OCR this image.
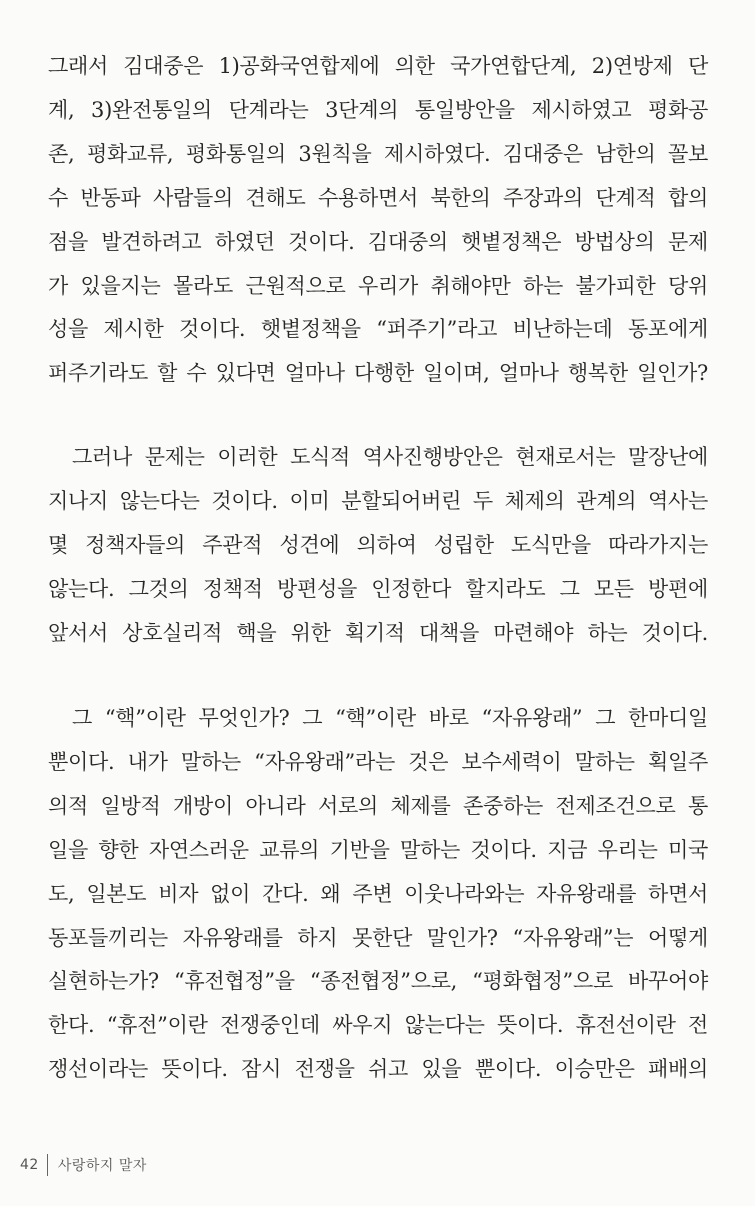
그래서 김대중은 1)공화국연합제에 의한 국가연합단계, 2)연방제 단
계, 3)완전통일의 단계라는 3단계의 통일방안을 제시하였고 평화공
존, 평화교류, 평화통일의 3원칙을 제시하였다. 김대중은 남한의 꼴보
수 반동파 사람들의 견해도 수용하면서 북한의 주장과의 단계적 합의
점을 발견하려고 하였던 것이다. 김대중의 햇볕정책은 방법상의 문제
가 있을지는 몰라도 근원적으로 우리가 취해야만 하는 불가피한 당위
성을 제시한 것이다. 햇볕정책을 “퍼주기”라고 비난하는데 동포에게
퍼주기라도 할 수 있다면 얼마나 다행한 일이며, 얼마나 행복한 일인가?

그러나 문제는 이러한 도식적 역사진행방안은 현재로서는 말장난에
지나지 않는다는 것이다. 이미 분할되어버린 두 체제의 관계의 역사는
몇 정책자들의 주관적 성견에 의하여 성립한 도식만을 따라가지는
않는다. 그것의 정책적 방편성을 인정한다 할지라도 그 모든 방편에
앞서서 상호실리적 핵을 위한 획기적 대책을 마련해야 하는 것이다.

그 “핵”이란 무엇인가? 그 “핵”이란 바로 “자유왕래” 그 한마디일
뿐이다. 내가 말하는 “자유왕래”라는 것은 보수세력이 말하는 획일주
의적 일방적 개방이 아니라 서로의 체제를 존중하는 전제조건으로 통
일을 향한 자연스러운 교류의 기반을 말하는 것이다. 지금 우리는 미국
도, 일본도 비자 없이 간다. 왜 주변 이웃나라와는 자유왕래를 하면서
동포들끼리는 자유왕래를 하지 못한단 말인가? “자유왕래”는 어떻게
실현하는가? “휴전협정”을 “종전협정”으로, “평화협정”으로 바꾸어야
한다. “휴전”이란 전쟁중인데 싸우지 않는다는 뜻이다. 휴전선이란 전
쟁선이라는 뜻이다. 잠시 전쟁을 쉬고 있을 뿐이다. 이승만은 패배의

42 사랑하지 말자
